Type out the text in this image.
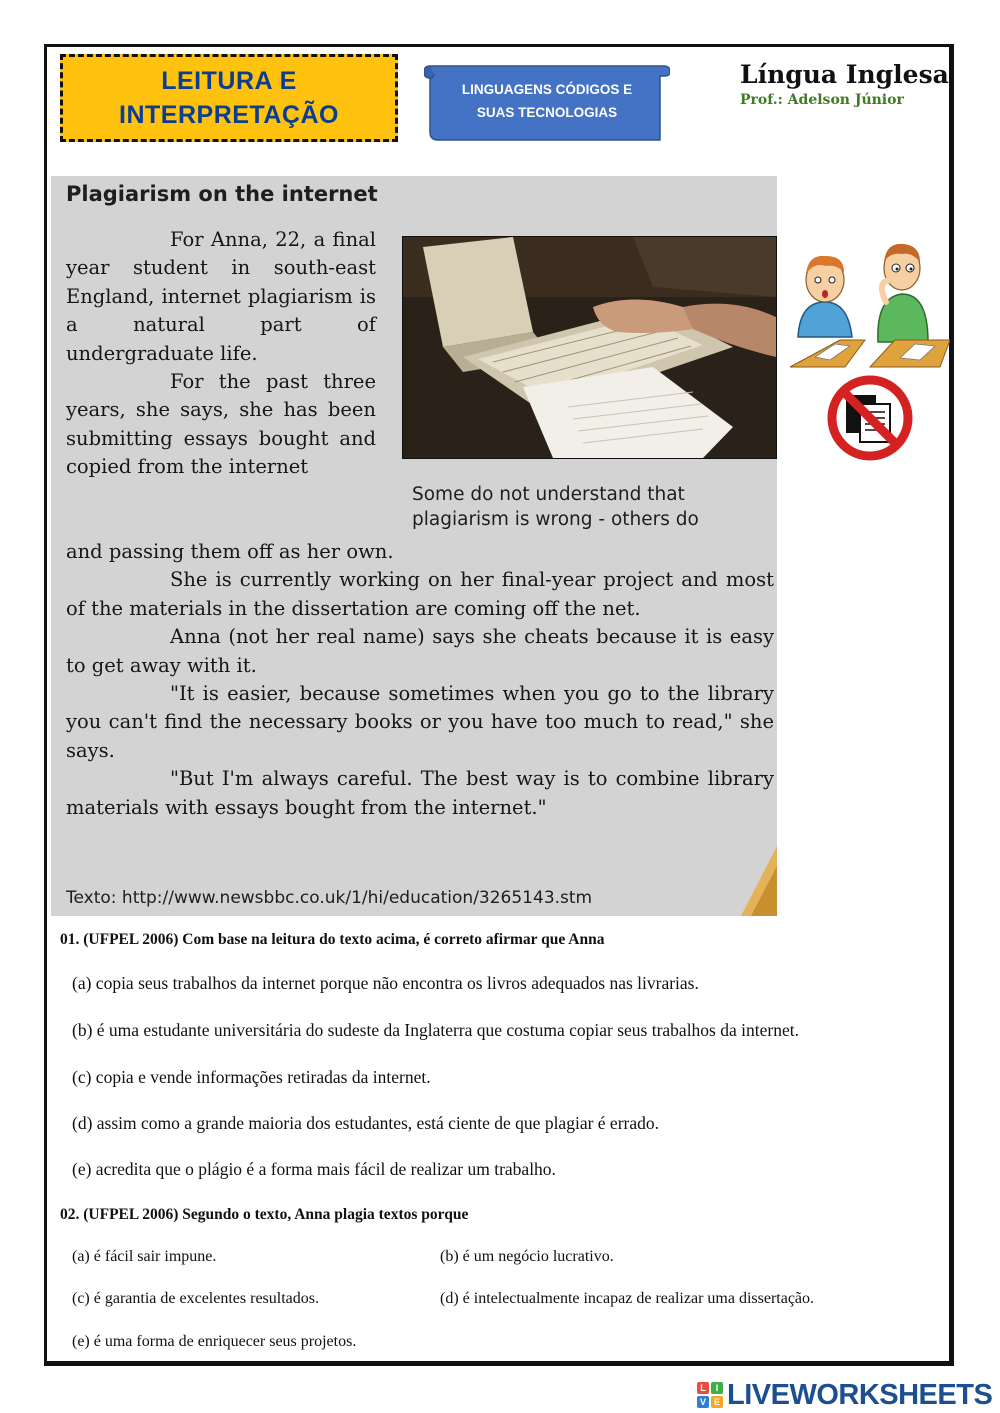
LEITURA E
INTERPRETAÇÃO
LINGUAGENS CÓDIGOS E
SUAS TECNOLOGIAS
Língua Inglesa
Prof.: Adelson Júnior
Plagiarism on the internet

For Anna, 22, a final year student in south-east England, internet plagiarism is a natural part of undergraduate life.

For the past three years, she says, she has been submitting essays bought and copied from the internet

Some do not understand that
plagiarism is wrong - others do

and passing them off as her own.

She is currently working on her final-year project and most of the materials in the dissertation are coming off the net.

Anna (not her real name) says she cheats because it is easy to get away with it.

"It is easier, because sometimes when you go to the library you can't find the necessary books or you have too much to read," she says.

"But I'm always careful. The best way is to combine library materials with essays bought from the internet."

Texto: http://www.newsbbc.co.uk/1/hi/education/3265143.stm
01. (UFPEL 2006) Com base na leitura do texto acima, é correto afirmar que Anna
(a) copia seus trabalhos da internet porque não encontra os livros adequados nas livrarias.
(b) é uma estudante universitária do sudeste da Inglaterra que costuma copiar seus trabalhos da internet.
(c) copia e vende informações retiradas da internet.
(d) assim como a grande maioria dos estudantes, está ciente de que plagiar é errado.
(e) acredita que o plágio é a forma mais fácil de realizar um trabalho.
02. (UFPEL 2006) Segundo o texto, Anna plagia textos porque
(a) é fácil sair impune.	(b) é um negócio lucrativo.
(c) é garantia de excelentes resultados.	(d) é intelectualmente incapaz de realizar uma dissertação.
(e) é uma forma de enriquecer seus projetos.
L	I
V E LIVEWORKSHEETS
